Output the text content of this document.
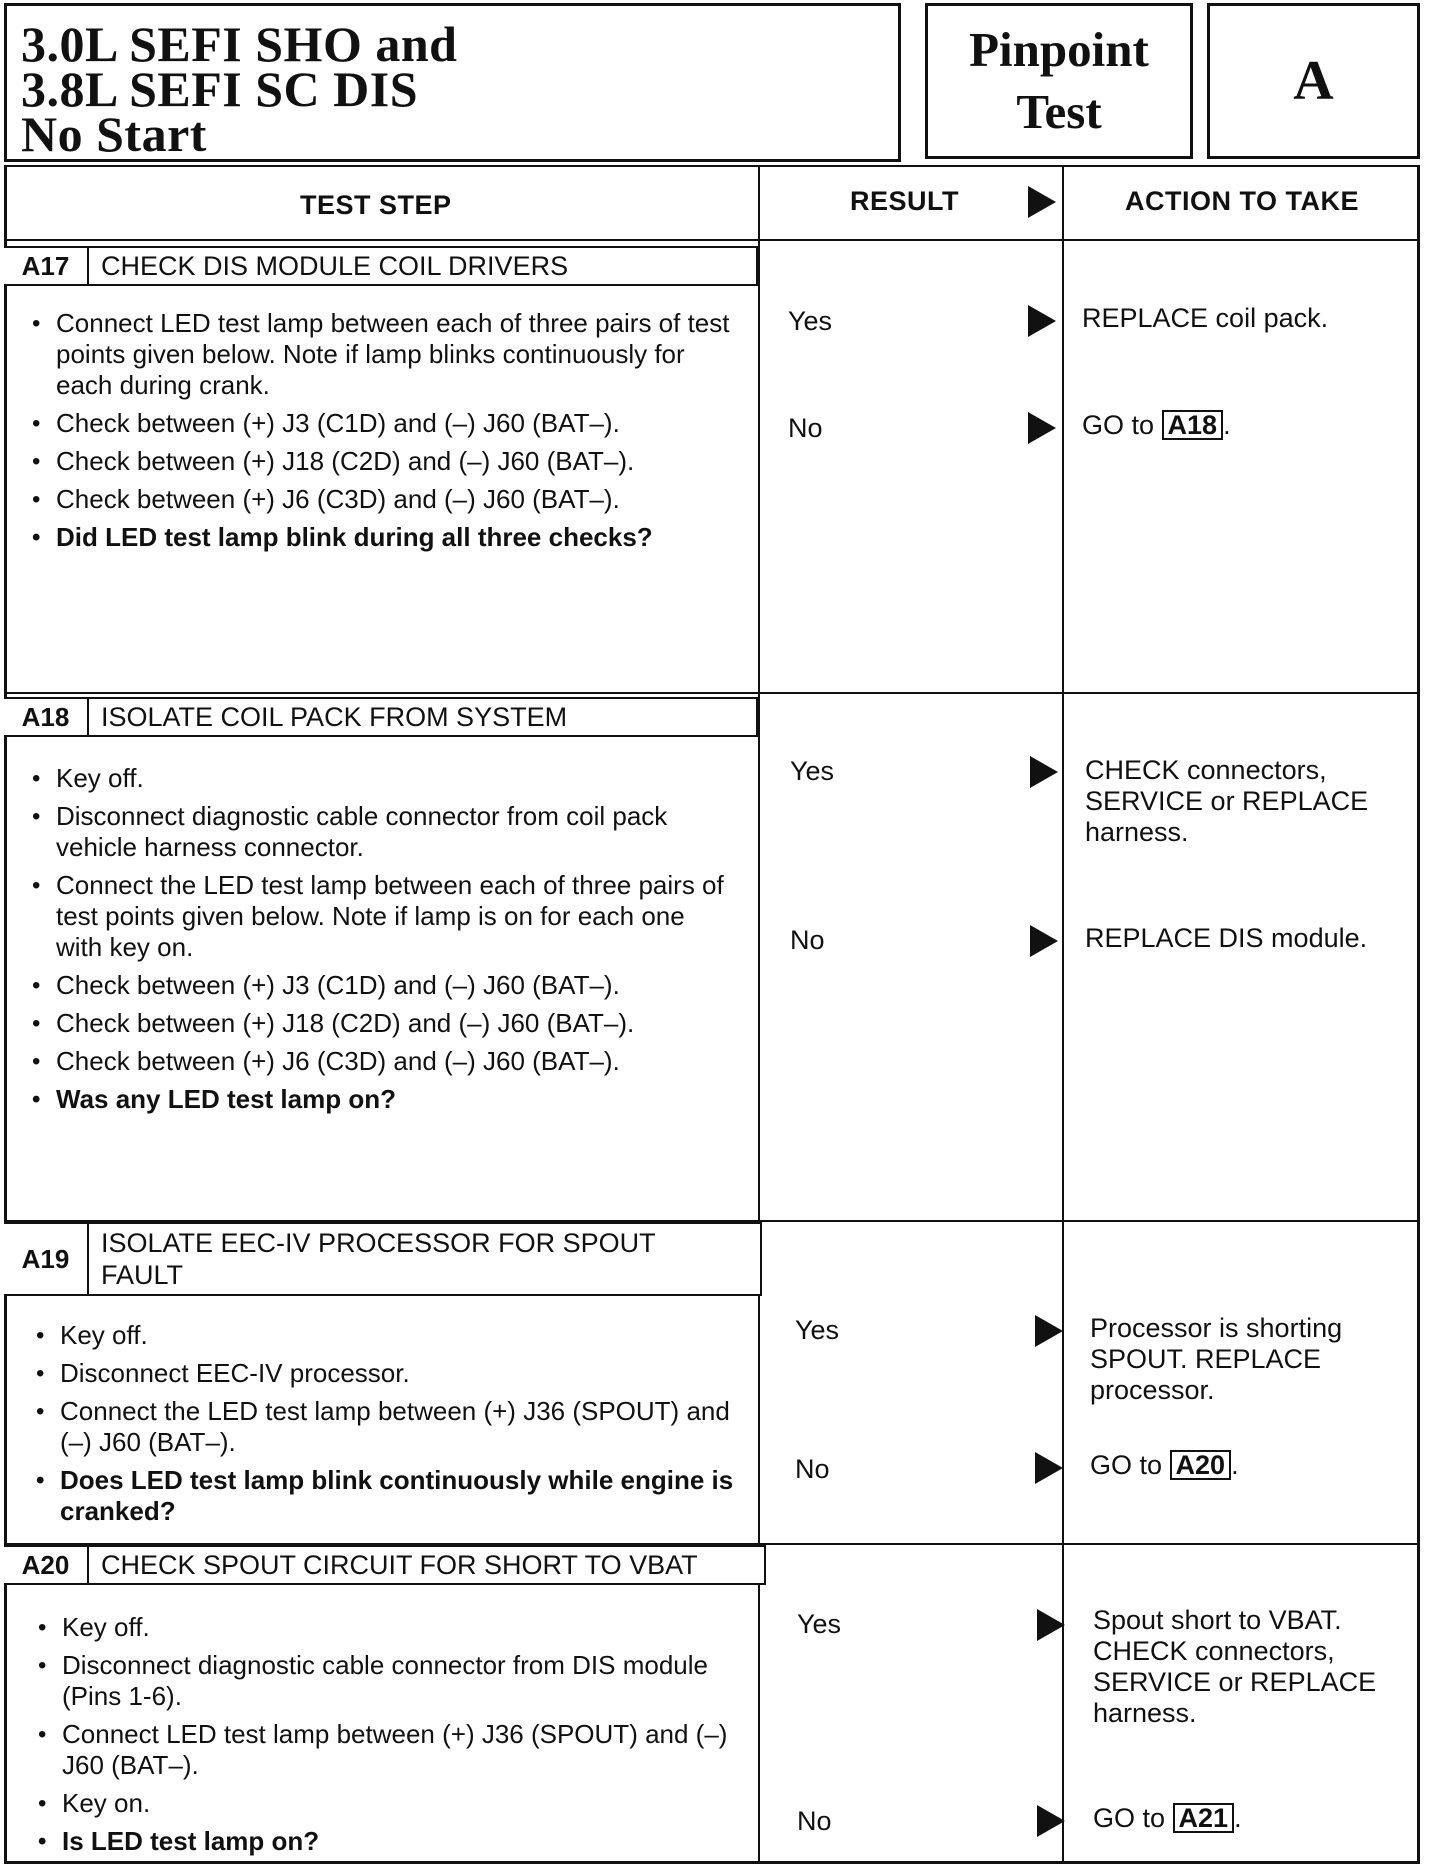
3.0L SEFI SHO and
3.8L SEFI SC DIS
No Start
Pinpoint
Test	A
TEST STEP	RESULT	ACTION TO TAKE
A17	CHECK DIS MODULE COIL DRIVERS
• Connect LED test lamp between each of three pairs of test points given below. Note if lamp blinks continuously for each during crank.
• Check between (+) J3 (C1D) and (–) J60 (BAT–).
• Check between (+) J18 (C2D) and (–) J60 (BAT–).
• Check between (+) J6 (C3D) and (–) J60 (BAT–).
• Did LED test lamp blink during all three checks?
Yes	REPLACE coil pack.
No	GO to A18 .
A18	ISOLATE COIL PACK FROM SYSTEM
• Key off.
• Disconnect diagnostic cable connector from coil pack vehicle harness connector.
• Connect the LED test lamp between each of three pairs of test points given below. Note if lamp is on for each one with key on.
• Check between (+) J3 (C1D) and (–) J60 (BAT–).
• Check between (+) J18 (C2D) and (–) J60 (BAT–).
• Check between (+) J6 (C3D) and (–) J60 (BAT–).
• Was any LED test lamp on?
Yes	CHECK connectors, SERVICE or REPLACE harness.
No	REPLACE DIS module.
A19
ISOLATE EEC-IV PROCESSOR FOR SPOUT FAULT
• Key off.
• Disconnect EEC-IV processor.
• Connect the LED test lamp between (+) J36 (SPOUT) and (–) J60 (BAT–).
• Does LED test lamp blink continuously while engine is cranked?
Yes	Processor is shorting SPOUT. REPLACE processor.
No	GO to A20 .
A20	CHECK SPOUT CIRCUIT FOR SHORT TO VBAT
• Key off.
• Disconnect diagnostic cable connector from DIS module (Pins 1-6).
• Connect LED test lamp between (+) J36 (SPOUT) and (–) J60 (BAT–).
• Key on.
• Is LED test lamp on?
Yes	Spout short to VBAT. CHECK connectors, SERVICE or REPLACE harness.
No	GO to A21 .
